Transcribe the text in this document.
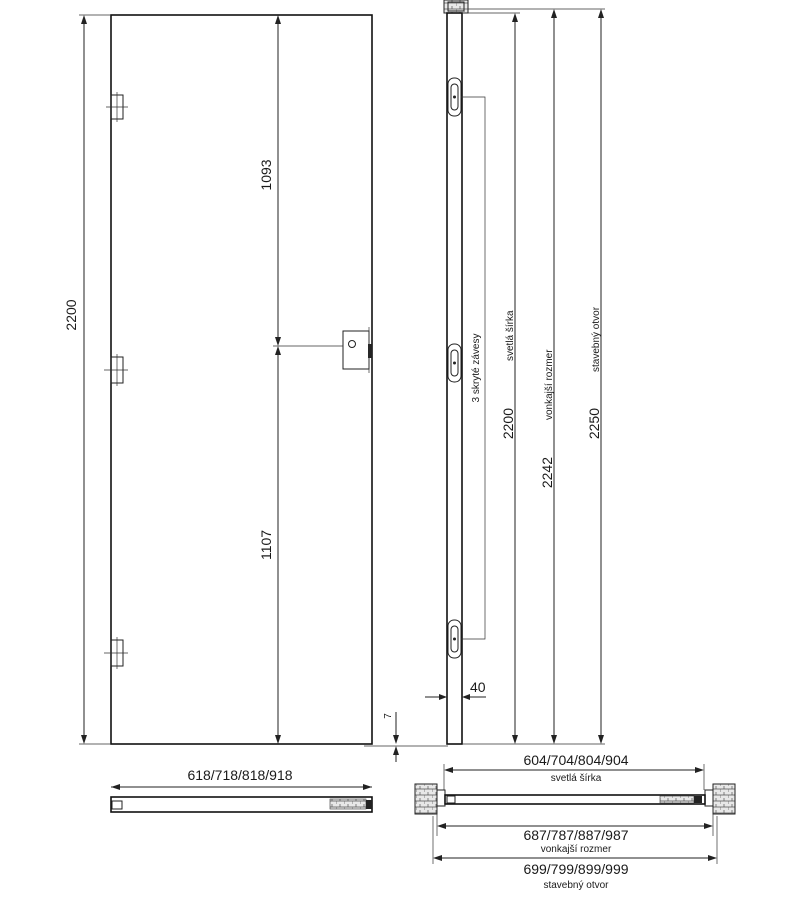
2200
1093
1107
3 skryté závesy
2200
svetlá šírka
2242
vonkajší rozmer
2250
stavebný otvor
7
40
618/718/818/918
604/704/804/904
svetlá šírka
687/787/887/987
vonkajší rozmer
699/799/899/999
stavebný otvor
